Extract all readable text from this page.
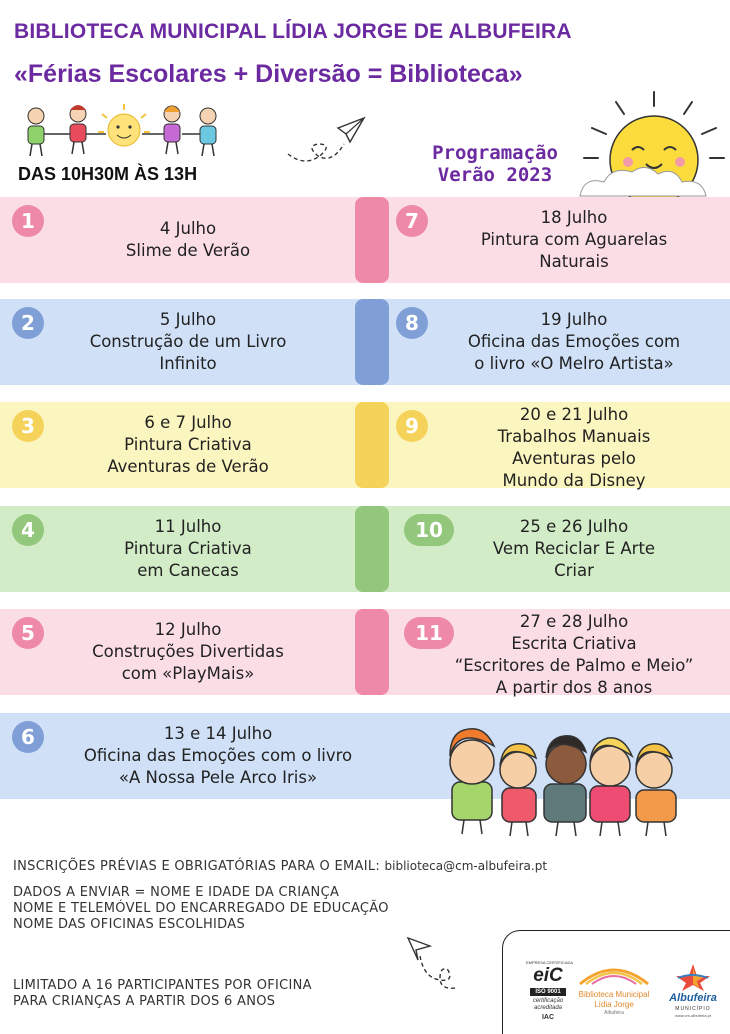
BIBLIOTECA MUNICIPAL LÍDIA JORGE DE ALBUFEIRA
«Férias Escolares + Diversão = Biblioteca»
DAS 10H30M ÀS 13H
Programação
Verão 2023
1	4 Julho
Slime de Verão
7	18 Julho
Pintura com Aguarelas
Naturais
2	5 Julho
Construção de um Livro
Infinito
8	19 Julho
Oficina das Emoções com
o livro «O Melro Artista»
3	6 e 7 Julho
Pintura Criativa
Aventuras de Verão
9	20 e 21 Julho
Trabalhos Manuais
Aventuras pelo
Mundo da Disney
4	11 Julho
Pintura Criativa
em Canecas
10	25 e 26 Julho
Vem Reciclar E Arte
Criar
5	12 Julho
Construções Divertidas
com «PlayMais»
11	27 e 28 Julho
Escrita Criativa
“Escritores de Palmo e Meio”
A partir dos 8 anos
6	13 e 14 Julho
Oficina das Emoções com o livro
«A Nossa Pele Arco Iris»
INSCRIÇÕES PRÉVIAS E OBRIGATÓRIAS PARA O EMAIL: biblioteca@cm-albufeira.pt
DADOS A ENVIAR = NOME E IDADE DA CRIANÇA
NOME E TELEMÓVEL DO ENCARREGADO DE EDUCAÇÃO
NOME DAS OFICINAS ESCOLHIDAS
LIMITADO A 16 PARTICIPANTES POR OFICINA
PARA CRIANÇAS A PARTIR DOS 6 ANOS
EMPRESA CERTIFICADA
eiC
ISO 9001
certificação
acreditada
IAC
Biblioteca Municipal
Lídia Jorge
Albufeira
Albufeira
MUNICÍPIO
www.cm-albufeira.pt
